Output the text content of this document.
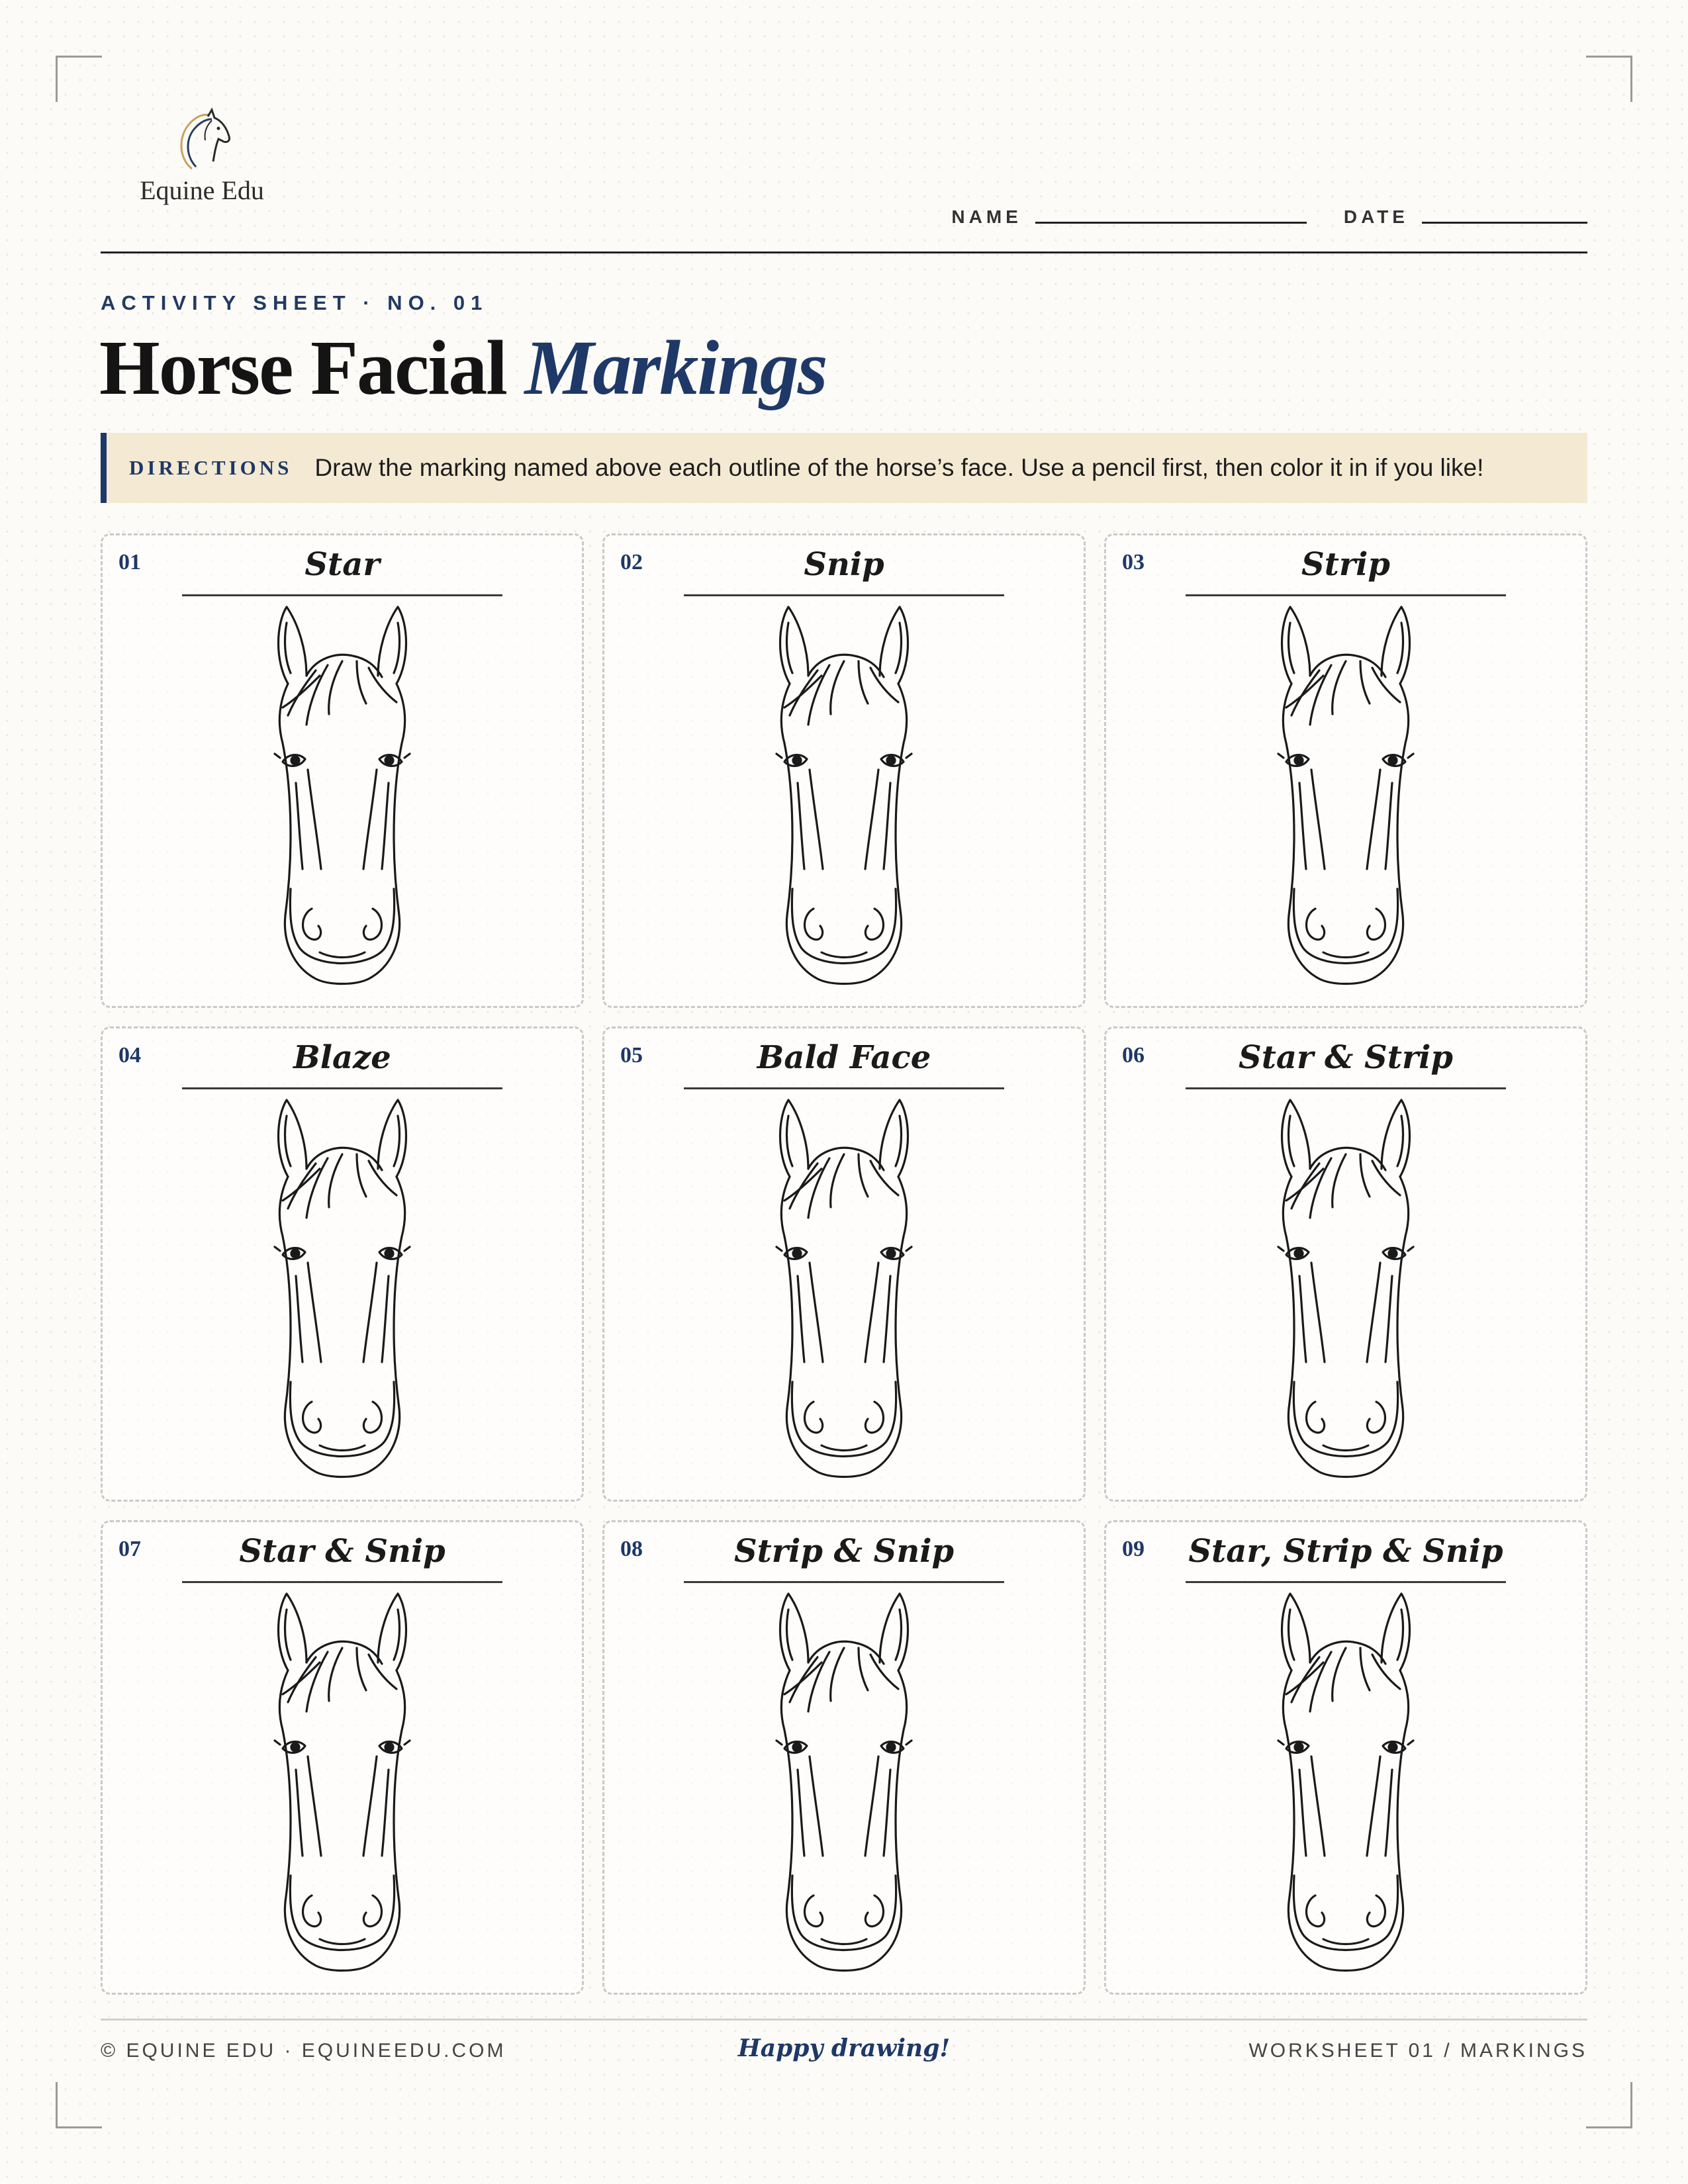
Equine Edu
NAME	DATE
ACTIVITY SHEET · NO. 01
Horse Facial Markings
DIRECTIONS Draw the marking named above each outline of the horse’s face. Use a pencil first, then color it in if you like!
01	Star	02	Snip	03	Strip
04	Blaze	05	Bald Face	06	Star & Strip
07	Star & Snip	08	Strip & Snip	09 Star, Strip & Snip
© EQUINE EDU · EQUINEEDU.COM	Happy drawing!	WORKSHEET 01 / MARKINGS
